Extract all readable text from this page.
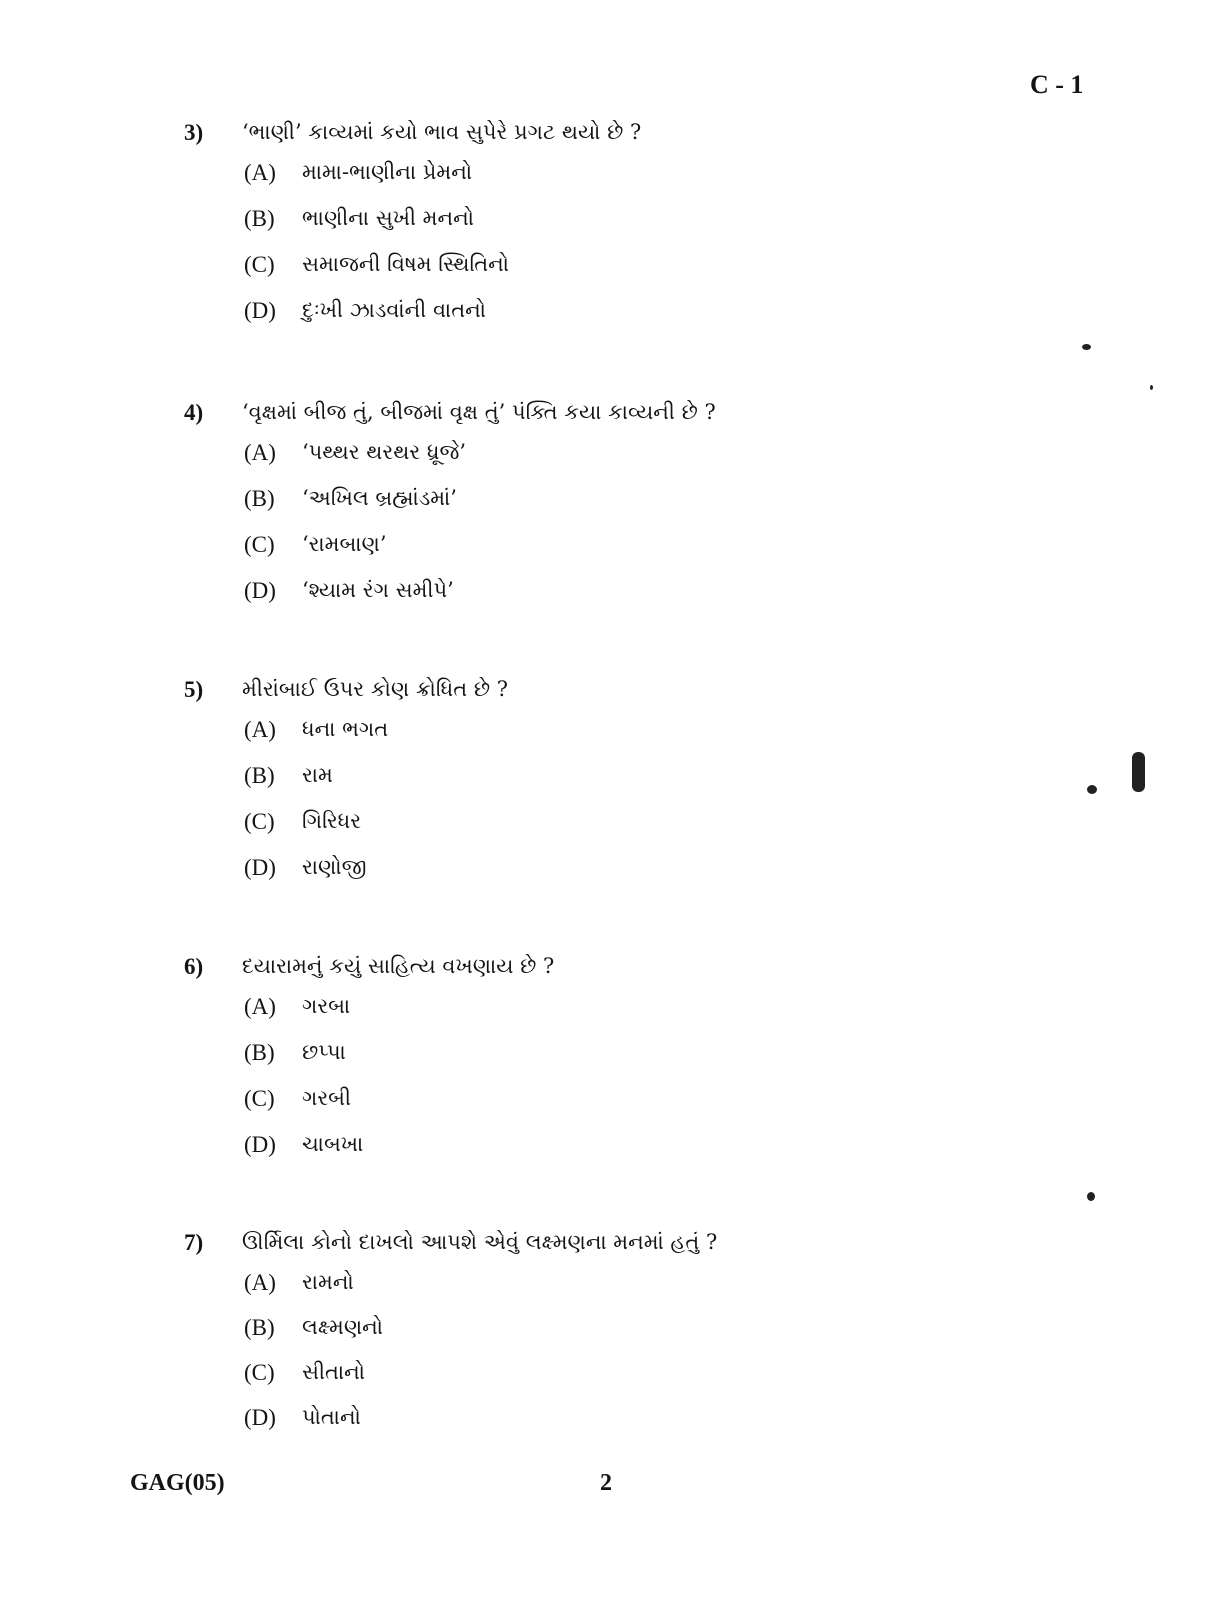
C - 1
3) ‘ભાણી’ કાવ્યમાં કયો ભાવ સુપેરે પ્રગટ થયો છે ?
(A) મામા-ભાણીના પ્રેમનો
(B) ભાણીના સુખી મનનો
(C) સમાજની વિષમ સ્થિતિનો
(D) દુઃખી ઝાડવાંની વાતનો
4) ‘વૃક્ષમાં બીજ તું, બીજમાં વૃક્ષ તું’ પંક્તિ કયા કાવ્યની છે ?
(A) ‘પથ્થર થરથર ધ્રૂજે’
(B) ‘અખિલ બ્રહ્માંડમાં’
(C) ‘રામબાણ’
(D) ‘શ્યામ રંગ સમીપે’
5) મીરાંબાઈ ઉપર કોણ ક્રોધિત છે ?
(A) ધના ભગત
(B) રામ
(C) ગિરિધર
(D) રાણોજી
6) દયારામનું કયું સાહિત્ય વખણાય છે ?
(A) ગરબા
(B) છપ્પા
(C) ગરબી
(D) ચાબખા
7) ઊર્મિલા કોનો દાખલો આપશે એવું લક્ષ્મણના મનમાં હતું ?
(A) રામનો
(B) લક્ષ્મણનો
(C) સીતાનો
(D) પોતાનો
GAG(05)	2
